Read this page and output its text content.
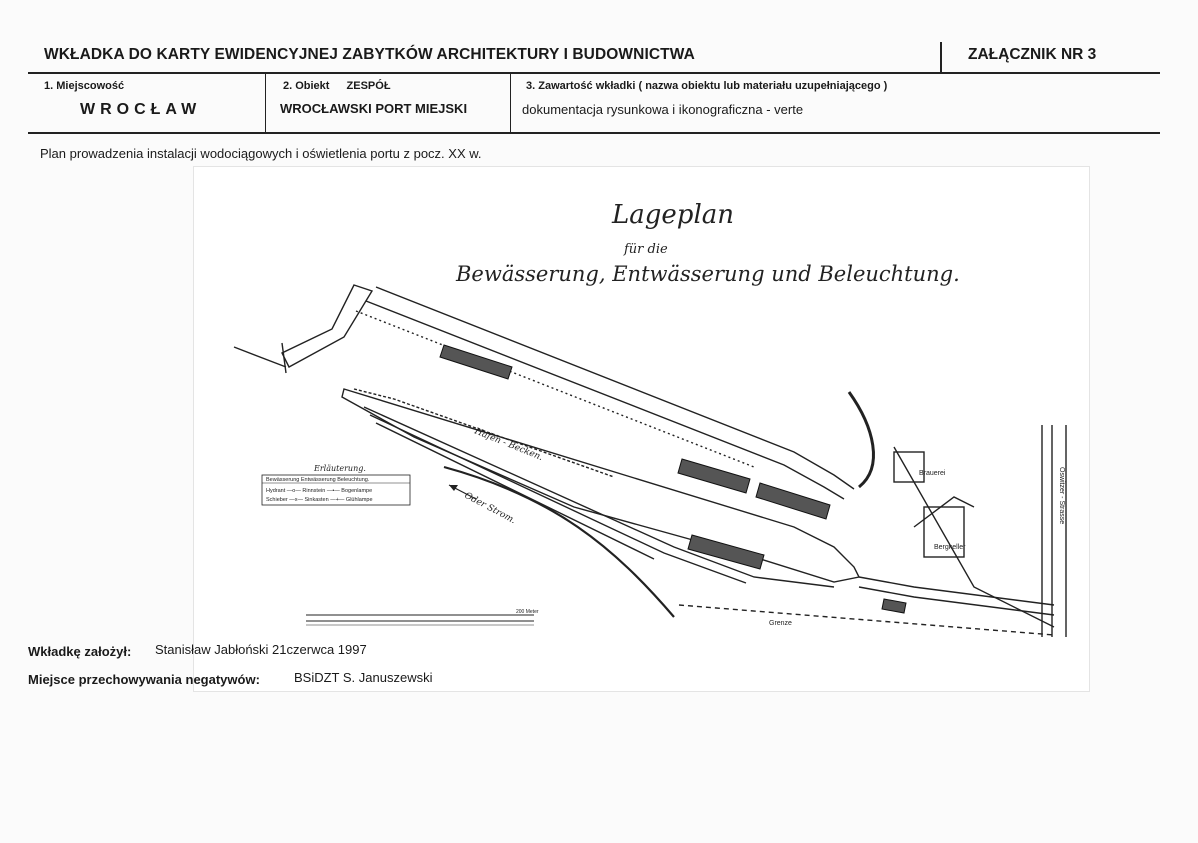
WKŁADKA DO KARTY EWIDENCYJNEJ ZABYTKÓW ARCHITEKTURY I BUDOWNICTWA	ZAŁĄCZNIK NR 3
1. Miejscowość
WROCŁAW
2. Obiekt ZESPÓŁ
WROCŁAWSKI PORT MIEJSKI
3. Zawartość wkładki ( nazwa obiektu lub materiału uzupełniającego )
dokumentacja rysunkowa i ikonograficzna - verte
Plan prowadzenia instalacji wodociągowych i oświetlenia portu z pocz. XX w.
Lageplan
für die
Bewässerung, Entwässerung und Beleuchtung.
Hafen - Becken.
Oder Strom.
Brauerei
Bergkeller
Oswitzer - Strasse
Grenze
Erläuterung.
Bewässerung Entwässerung Beleuchtung.
Hydrant —o— Rinnstein —•— Bogenlampe
Schieber —x— Sinkasten —+— Glühlampe
200 Meter
Wkładkę założył: Stanisław Jabłoński 21czerwca 1997
Miejsce przechowywania negatywów:	BSiDZT S. Januszewski
